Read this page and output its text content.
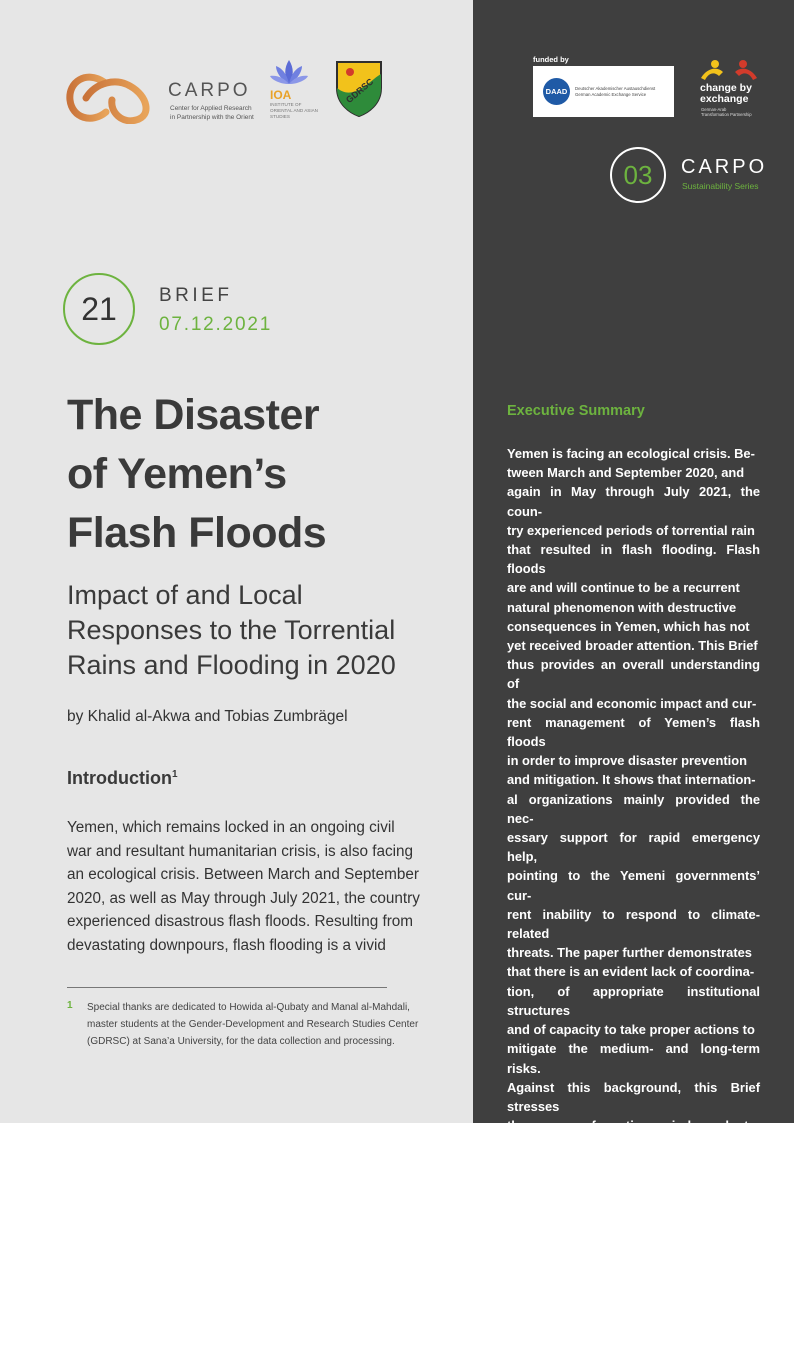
CARPO
Center for Applied Research
in Partnership with the Orient
IOA
INSTITUTE OF
ORIENTAL AND ASIAN
STUDIES
GDRSC
funded by
DAAD	Deutscher Akademischer Austauschdienst
German Academic Exchange Service
change by
exchange
German-Arab
Transformation Partnership
03	CARPO
Sustainability Series
21	BRIEF
07.12.2021
The Disaster
of Yemen’s
Flash Floods
Impact of and Local
Responses to the Torrential
Rains and Flooding in 2020
by Khalid al-Akwa and Tobias Zumbrägel
Introduction$^1$
Yemen, which remains locked in an ongoing civil
war and resultant humanitarian crisis, is also facing
an ecological crisis. Between March and September
2020, as well as May through July 2021, the country
experienced disastrous flash floods. Resulting from
devastating downpours, flash flooding is a vivid
1 Special thanks are dedicated to Howida al-Qubaty and Manal al-Mahdali,
master students at the Gender-Development and Research Studies Center
(GDRSC) at Sana’a University, for the data collection and processing.
Executive Summary
Yemen is facing an ecological crisis. Be-
tween March and September 2020, and
again in May through July 2021, the coun-
try experienced periods of torrential rain
that resulted in flash flooding. Flash floods
are and will continue to be a recurrent
natural phenomenon with destructive
consequences in Yemen, which has not
yet received broader attention. This Brief
thus provides an overall understanding of
the social and economic impact and cur-
rent management of Yemen’s flash floods
in order to improve disaster prevention
and mitigation. It shows that internation-
al organizations mainly provided the nec-
essary support for rapid emergency help,
pointing to the Yemeni governments’ cur-
rent inability to respond to climate-related
threats. The paper further demonstrates
that there is an evident lack of coordina-
tion, of appropriate institutional structures
and of capacity to take proper actions to
mitigate the medium- and long-term risks.
Against this background, this Brief stresses
the urgency of creating an independent
environmental advisory body, comprised
of a range of stakeholders and experts, to
coordinate environmental reconstruction
work and enhance tangible climate action
into future strategies and interventions of
national governance management and in-
ternational humanitarian assistance.
